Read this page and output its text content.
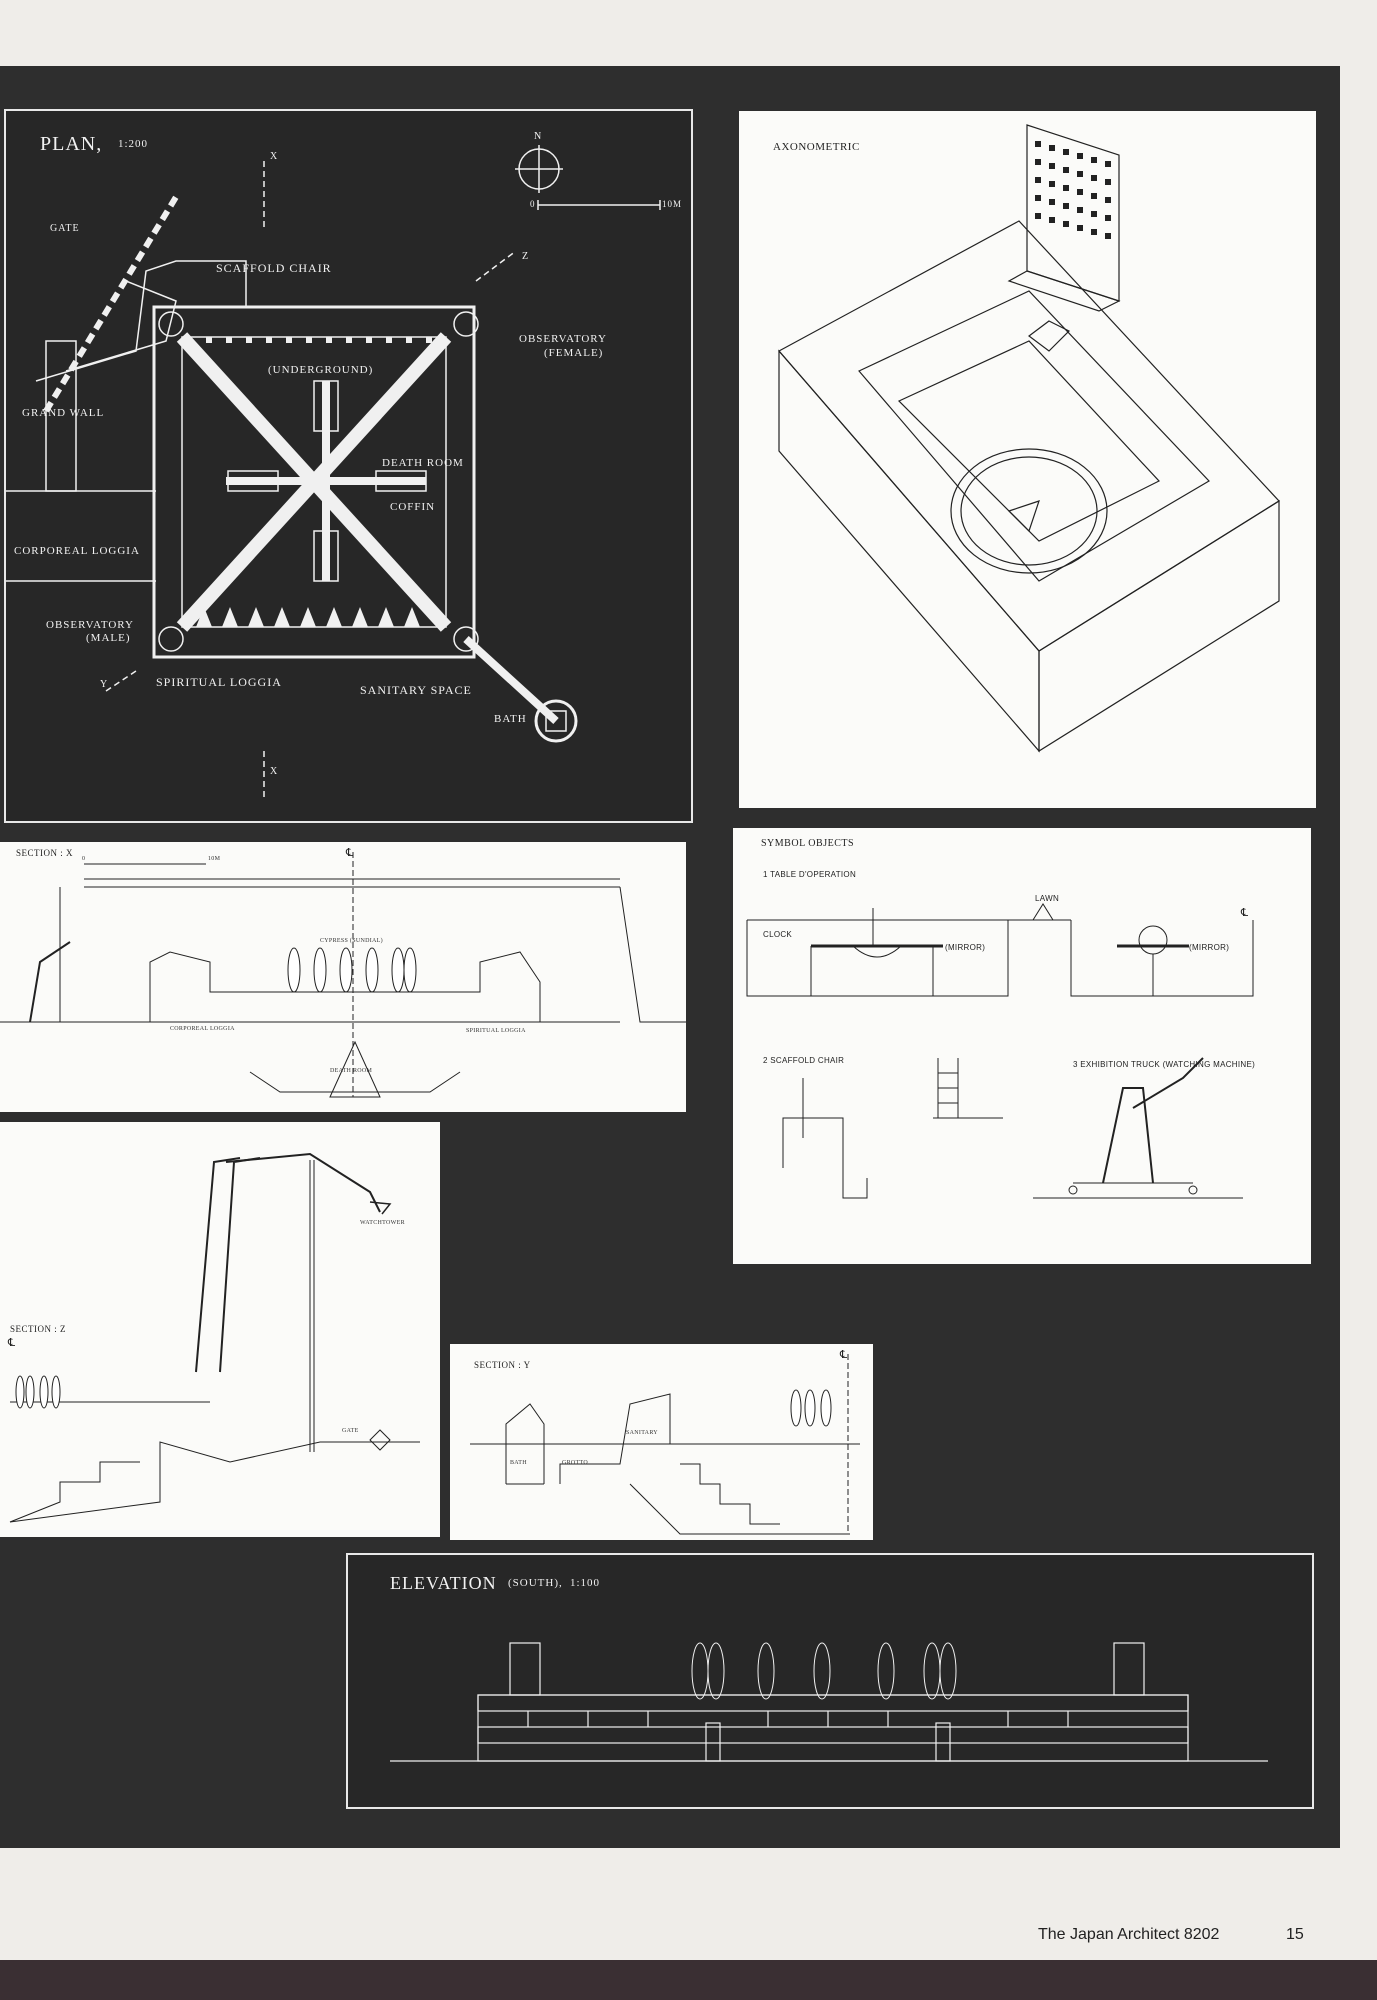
PLAN, 1:200
N
0	10M
X
X
Z
Y
GATE
SCAFFOLD CHAIR
OBSERVATORY
(FEMALE)
(UNDERGROUND)
GRAND WALL
DEATH ROOM
COFFIN
CORPOREAL LOGGIA
OBSERVATORY
(MALE)
SPIRITUAL LOGGIA
SANITARY SPACE
BATH
AXONOMETRIC
SECTION : X
0	10M	℄
CYPRESS (SUNDIAL)
CORPOREAL LOGGIA	SPIRITUAL LOGGIA
DEATH ROOM
SYMBOL OBJECTS
1 TABLE D'OPERATION
CLOCK
(MIRROR)
LAWN
(MIRROR)
℄
2 SCAFFOLD CHAIR	3 EXHIBITION TRUCK (WATCHING MACHINE)
SECTION : Z
℄
WATCHTOWER
GATE
SECTION : Y
℄
BATH	GROTTO
SANITARY
ELEVATION (SOUTH), 1:100
The Japan Architect 8202	15
